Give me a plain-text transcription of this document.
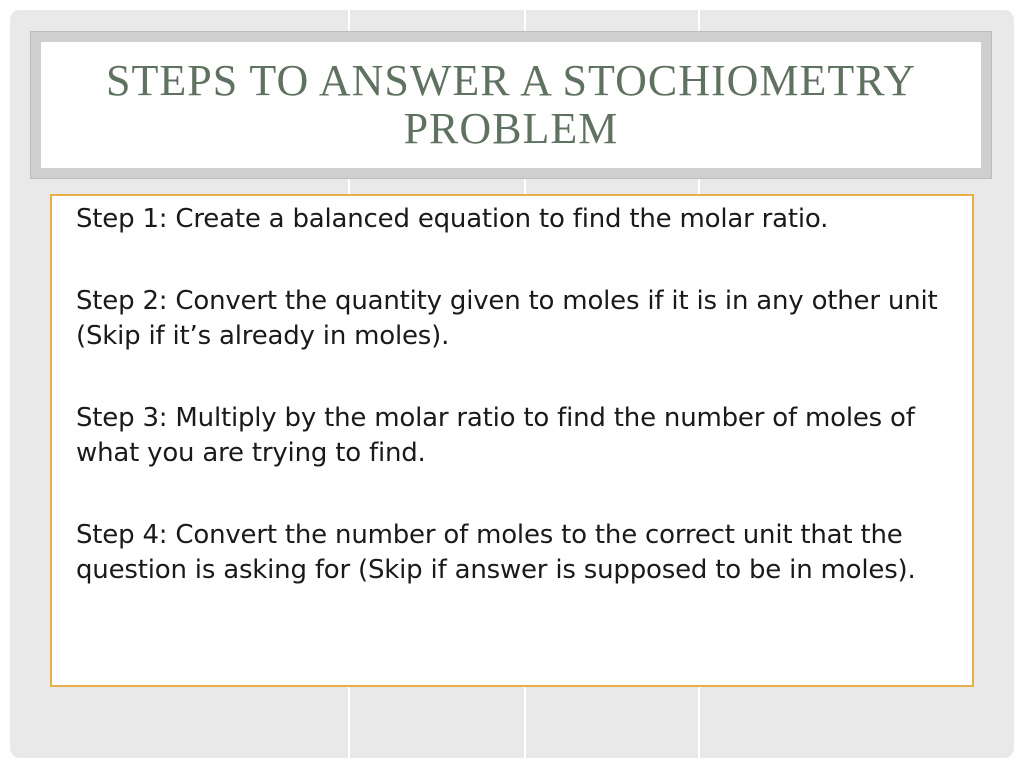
STEPS TO ANSWER A STOCHIOMETRY PROBLEM
Step 1: Create a balanced equation to find the molar ratio.
Step 2: Convert the quantity given to moles if it is in any other unit (Skip if it’s already in moles).
Step 3: Multiply by the molar ratio to find the number of moles of what you are trying to find.
Step 4: Convert the number of moles to the correct unit that the question is asking for (Skip if answer is supposed to be in moles).
